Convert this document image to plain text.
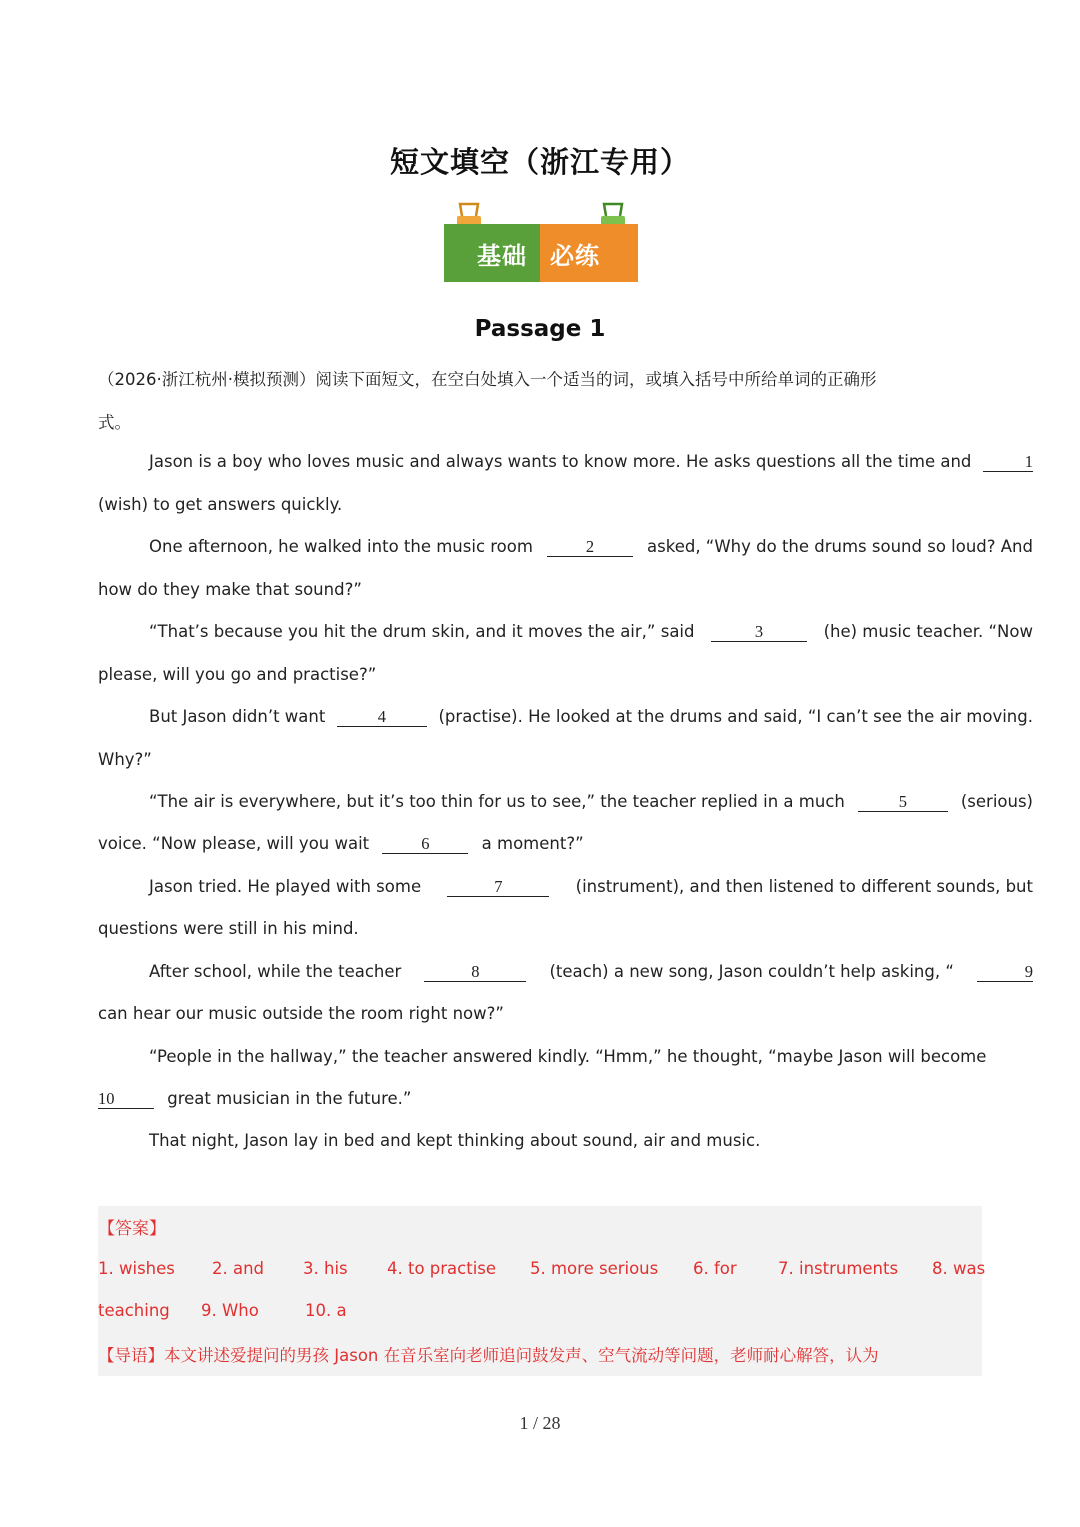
短文填空（浙江专用）
基础 必练
Passage 1
（2026·浙江杭州·模拟预测）阅读下面短文，在空白处填入一个适当的词，或填入括号中所给单词的正确形
式。
Jason is a boy who loves music and always wants to know more. He asks questions all the time and	1
(wish) to get answers quickly.
One afternoon, he walked into the music room	2	asked, “Why do the drums sound so loud? And
how do they make that sound?”
“That’s because you hit the drum skin, and it moves the air,” said	3	(he) music teacher. “Now
please, will you go and practise?”
But Jason didn’t want	4	(practise). He looked at the drums and said, “I can’t see the air moving.
Why?”
“The air is everywhere, but it’s too thin for us to see,” the teacher replied in a much	5	(serious)
voice. “Now please, will you wait	6	a moment?”
Jason tried. He played with some	7	(instrument), and then listened to different sounds, but
questions were still in his mind.
After school, while the teacher	8	(teach) a new song, Jason couldn’t help asking, “	9
can hear our music outside the room right now?”
“People in the hallway,” the teacher answered kindly. “Hmm,” he thought, “maybe Jason will become
10	great musician in the future.”
That night, Jason lay in bed and kept thinking about sound, air and music.
【答案】
1. wishes 2. and 3. his 4. to practise 5. more serious 6. for	7. instruments 8. was
teaching 9. Who	10. a
【导语】本文讲述爱提问的男孩 Jason 在音乐室向老师追问鼓发声、空气流动等问题，老师耐心解答，认为
1 / 28
